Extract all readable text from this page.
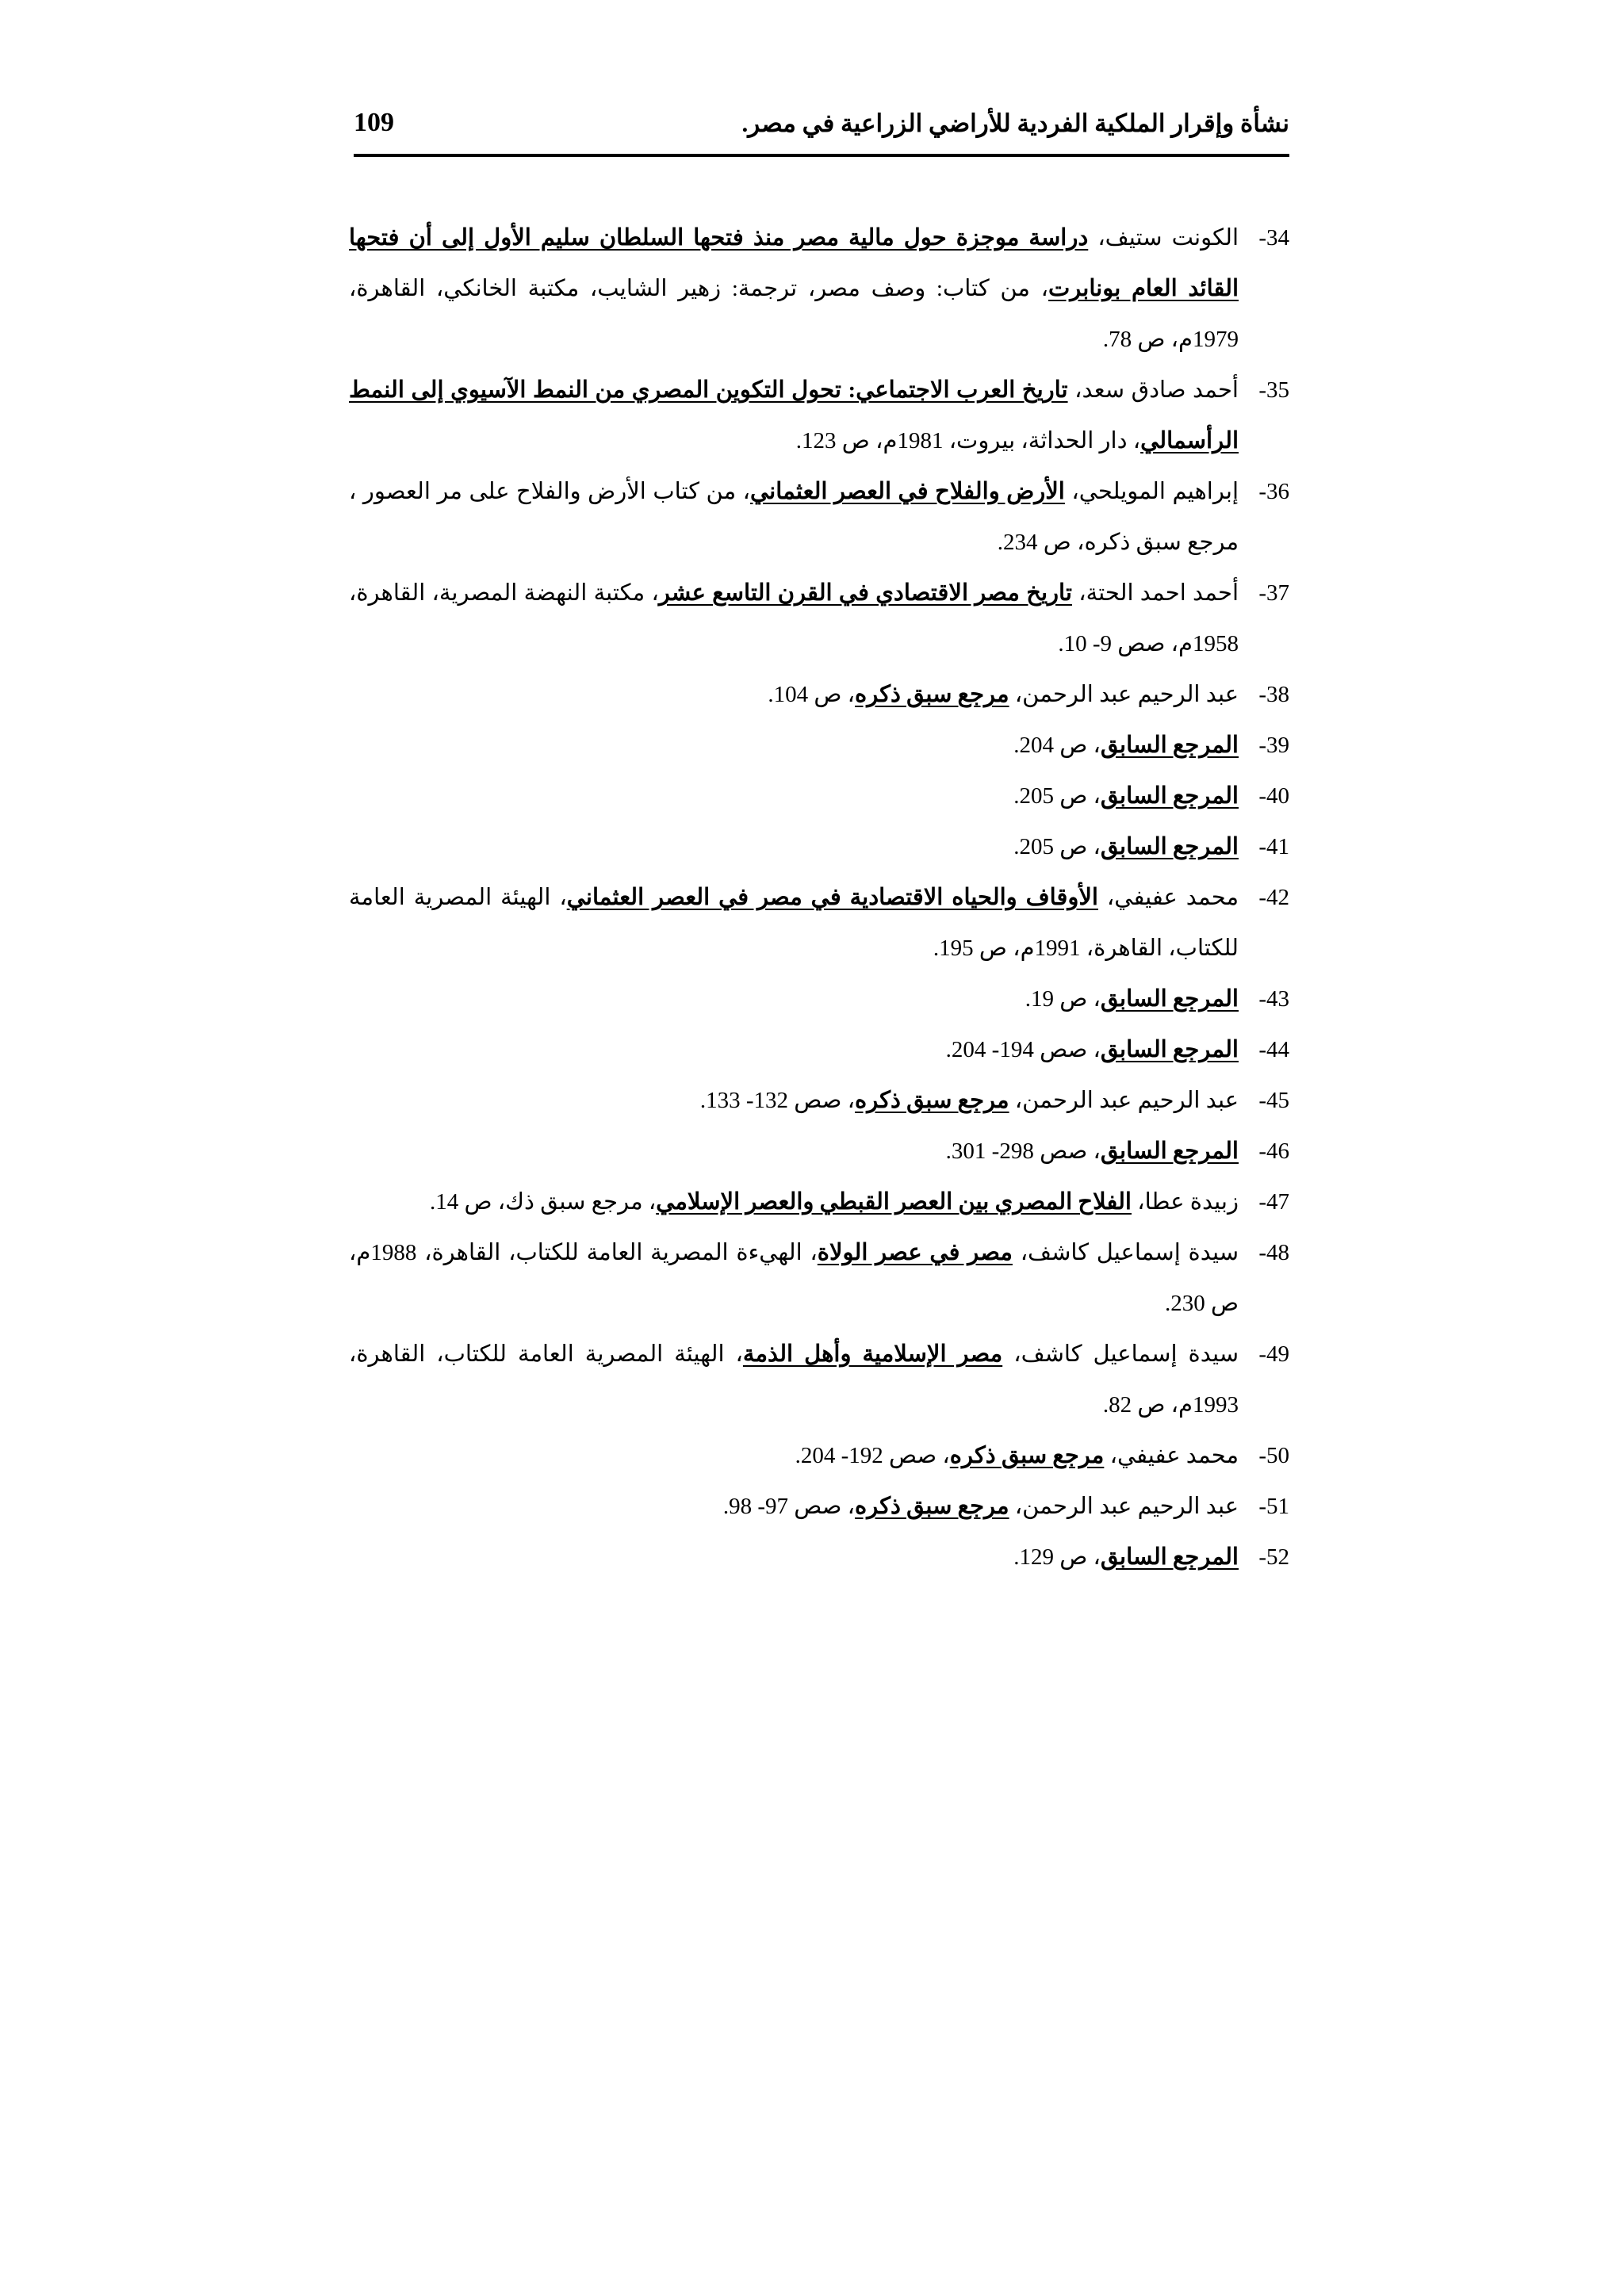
نشأة وإقرار الملكية الفردية للأراضي الزراعية في مصر.
109
34-
الكونت ستيف، دراسة موجزة حول مالية مصر منذ فتحها السلطان سليم الأول إلى أن فتحها القائد العام بونابرت، من كتاب: وصف مصر، ترجمة: زهير الشايب، مكتبة الخانكي، القاهرة، 1979م، ص 78.
35-
أحمد صادق سعد، تاريخ العرب الاجتماعي: تحول التكوين المصري من النمط الآسيوي إلى النمط الرأسمالي، دار الحداثة، بيروت، 1981م، ص 123.
36-
إبراهيم المويلحي، الأرض والفلاح في العصر العثماني، من كتاب الأرض والفلاح على مر العصور ، مرجع سبق ذكره، ص 234.
37-
أحمد احمد الحتة، تاريخ مصر الاقتصادي في القرن التاسع عشر، مكتبة النهضة المصرية، القاهرة، 1958م، صص 9- 10.
38-
عبد الرحيم عبد الرحمن، مرجع سبق ذكره، ص 104.
39-
المرجع السابق، ص 204.
40-
المرجع السابق، ص 205.
41-
المرجع السابق، ص 205.
42-
محمد عفيفي، الأوقاف والحياه الاقتصادية في مصر في العصر العثماني، الهيئة المصرية العامة للكتاب، القاهرة، 1991م، ص 195.
43-
المرجع السابق، ص 19.
44-
المرجع السابق، صص 194- 204.
45-
عبد الرحيم عبد الرحمن، مرجع سبق ذكره، صص 132- 133.
46-
المرجع السابق، صص 298- 301.
47-
زبيدة عطا، الفلاح المصري بين العصر القبطي والعصر الإسلامي، مرجع سبق ذك، ص 14.
48-
سيدة إسماعيل كاشف، مصر في عصر الولاة، الهيءة المصرية العامة للكتاب، القاهرة، 1988م، ص 230.
49-
سيدة إسماعيل كاشف، مصر الإسلامية وأهل الذمة، الهيئة المصرية العامة للكتاب، القاهرة، 1993م، ص 82.
50-
محمد عفيفي، مرجع سبق ذكره، صص 192- 204.
51-
عبد الرحيم عبد الرحمن، مرجع سبق ذكره، صص 97- 98.
52-
المرجع السابق، ص 129.
